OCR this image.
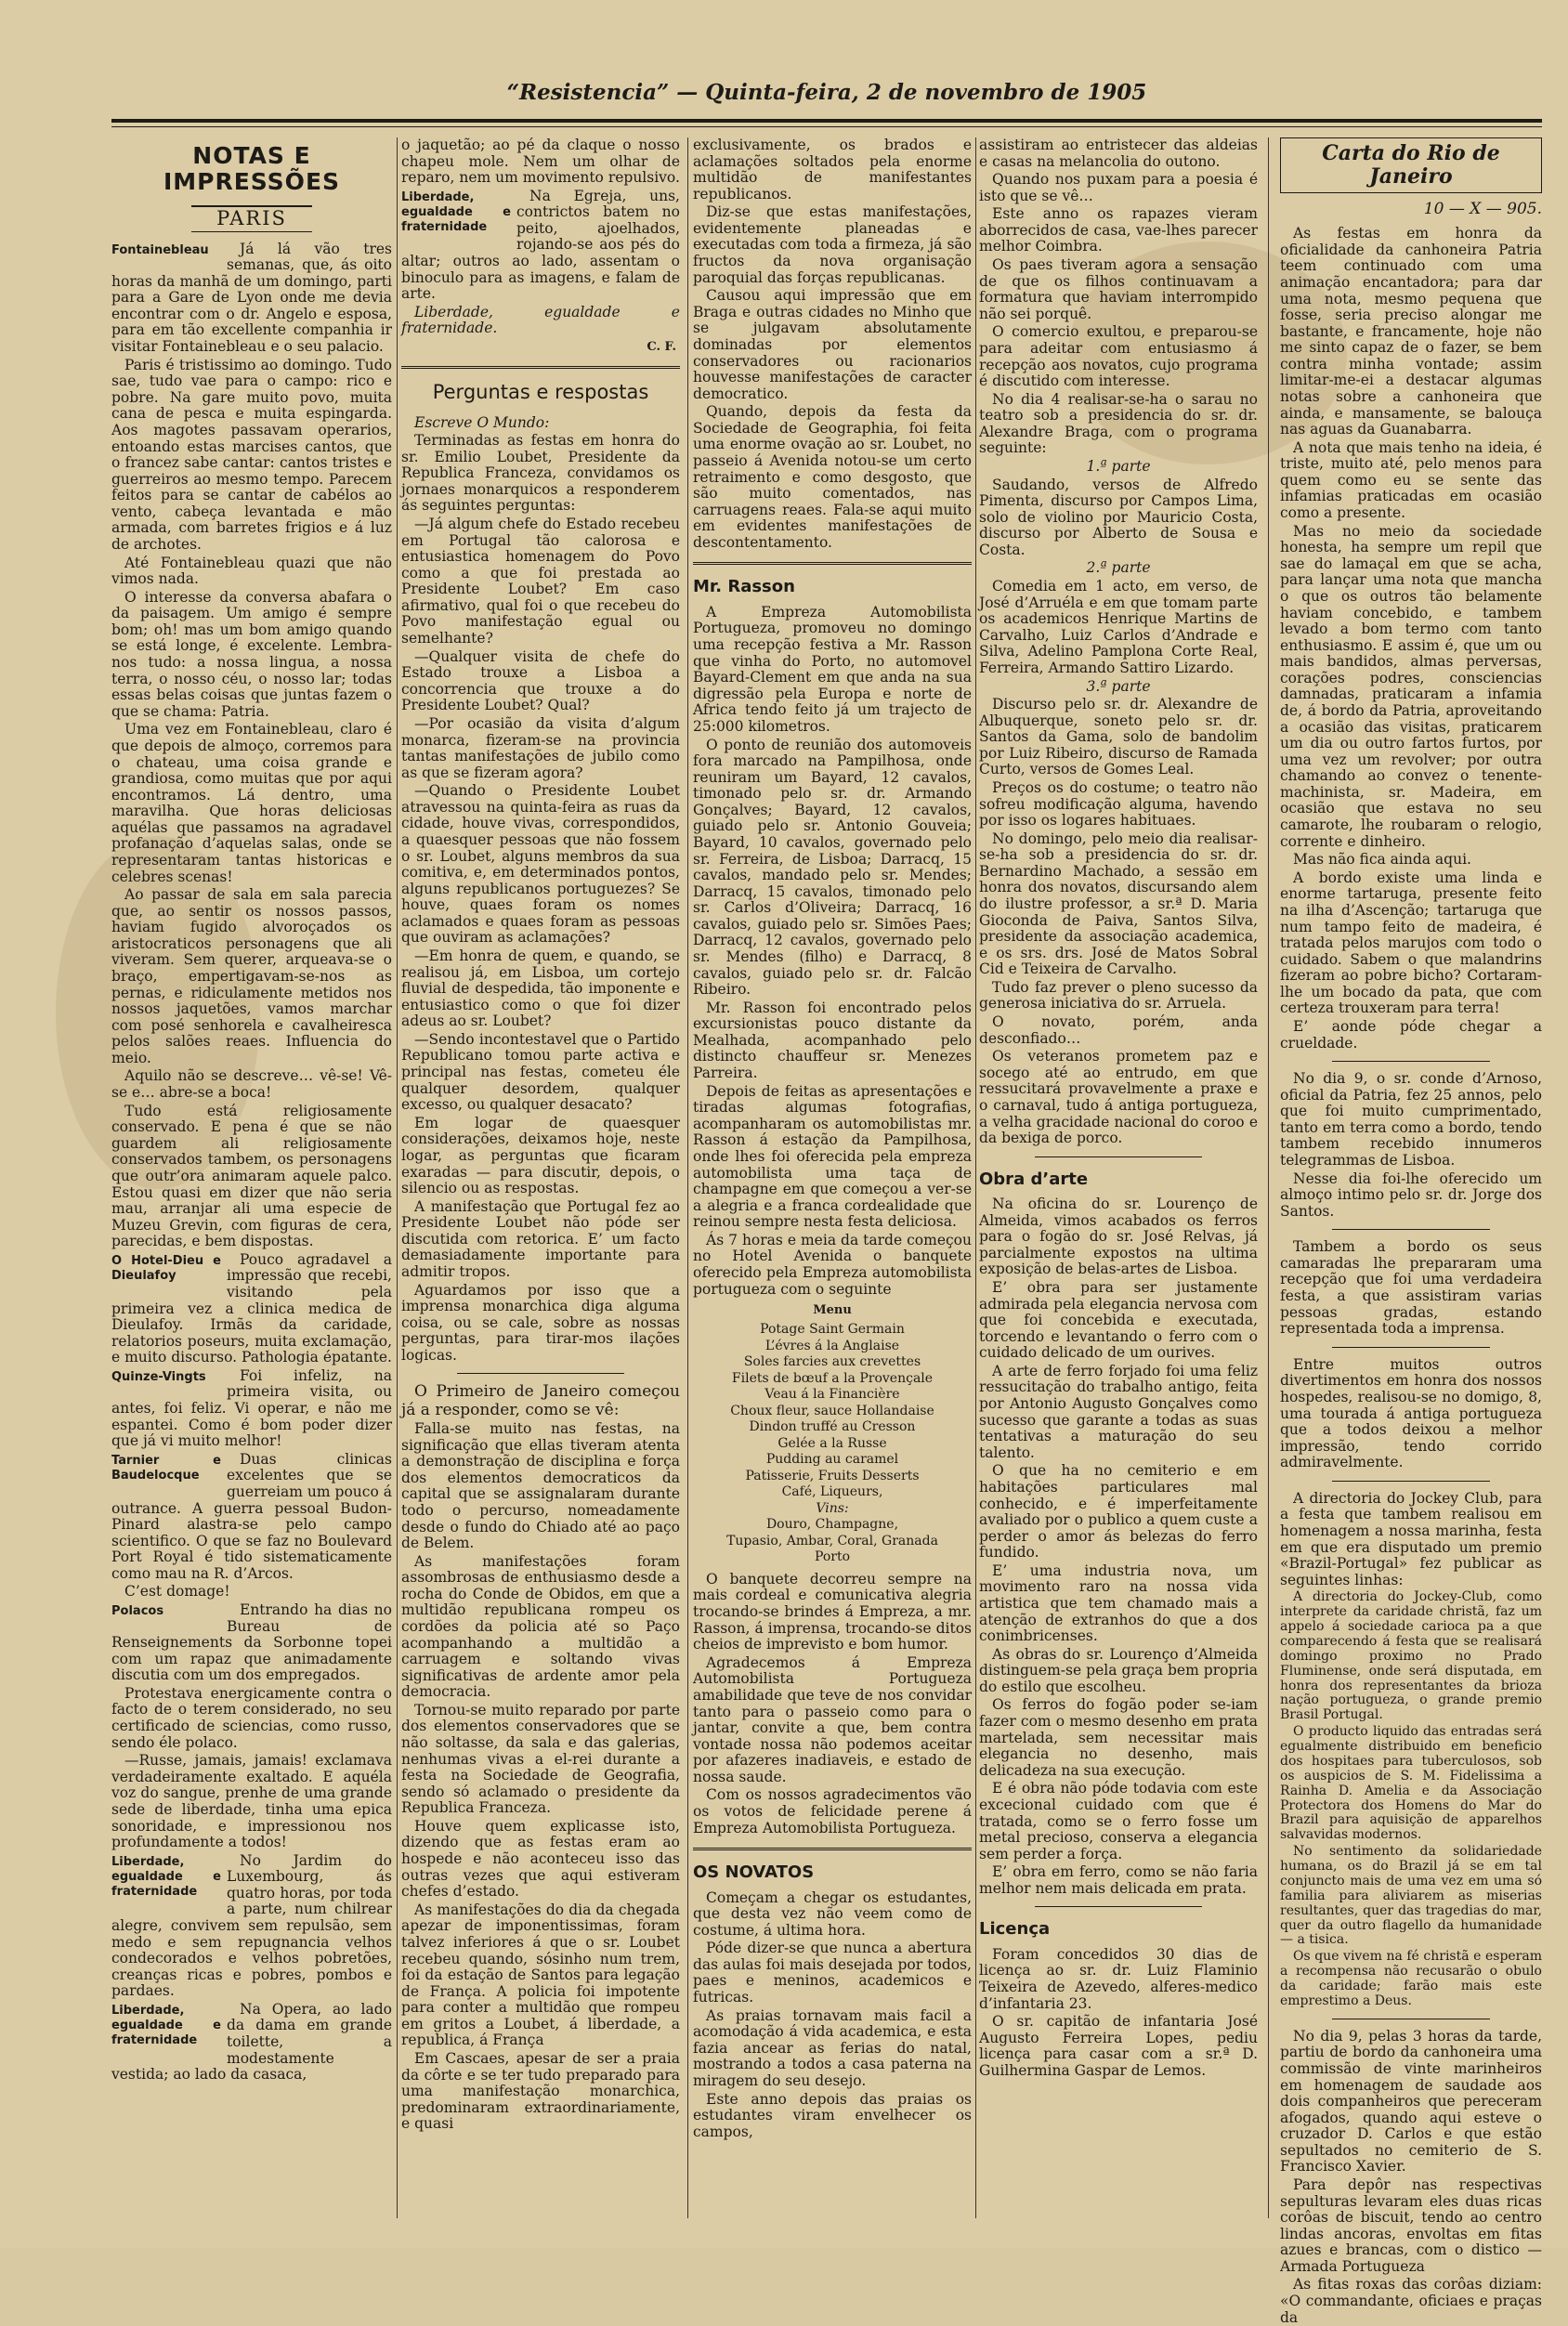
“Resistencia” — Quinta-feira, 2 de novembro de 1905
NOTAS E IMPRESSÕES
PARIS
Fontainebleau	Já lá vão tres semanas, que, ás oito horas da manhã de um domingo, parti para a Gare de Lyon onde me devia encontrar com o dr. Angelo e esposa, para em tão excellente companhia ir visitar Fontainebleau e o seu palacio.

Paris é tristissimo ao domingo. Tudo sae, tudo vae para o campo: rico e pobre. Na gare muito povo, muita cana de pesca e muita espingarda. Aos magotes passavam operarios, entoando estas marcises cantos, que o francez sabe cantar: cantos tristes e guerreiros ao mesmo tempo. Parecem feitos para se cantar de cabélos ao vento, cabeça levantada e mão armada, com barretes frigios e á luz de archotes.

Até Fontainebleau quazi que não vimos nada.

O interesse da conversa abafara o da paisagem. Um amigo é sempre bom; oh! mas um bom amigo quando se está longe, é excelente. Lembra-nos tudo: a nossa lingua, a nossa terra, o nosso céu, o nosso lar; todas essas belas coisas que juntas fazem o que se chama: Patria.

Uma vez em Fontainebleau, claro é que depois de almoço, corremos para o chateau, uma coisa grande e grandiosa, como muitas que por aqui encontramos. Lá dentro, uma maravilha. Que horas deliciosas aquélas que passamos na agradavel profanação d’aquelas salas, onde se representaram tantas historicas e celebres scenas!

Ao passar de sala em sala parecia que, ao sentir os nossos passos, haviam fugido alvoroçados os aristocraticos personagens que ali viveram. Sem querer, arqueava-se o braço, empertigavam-se-nos as pernas, e ridiculamente metidos nos nossos jaquetões, vamos marchar com posé senhorela e cavalheiresca pelos salões reaes. Influencia do meio.

Aquilo não se descreve… vê-se! Vê-se e… abre-se a boca!

Tudo está religiosamente conservado. E pena é que se não guardem ali religiosamente conservados tambem, os personagens que outr’ora animaram aquele palco. Estou quasi em dizer que não seria mau, arranjar ali uma especie de Muzeu Grevin, com figuras de cera, parecidas, e bem dispostas.

O Hotel-Dieu e Dieulafoy

Pouco agradavel a impressão que recebi, visitando pela primeira vez a clinica medica de Dieulafoy. Irmãs da caridade, relatorios poseurs, muita exclamação, e muito discurso. Pathologia épatante.

Quinze-Vingts	Foi infeliz, na primeira visita, ou antes, foi feliz. Vi operar, e não me espantei. Como é bom poder dizer que já vi muito melhor!

Tarnier e Baudelocque

Duas clinicas excelentes que se guerreiam um pouco á outrance. A guerra pessoal Budon-Pinard alastra-se pelo campo scientifico. O que se faz no Boulevard Port Royal é tido sistematicamente como mau na R. d’Arcos.

C’est domage!

Polacos	Entrando ha dias no Bureau de Renseignements da Sorbonne topei com um rapaz que animadamente discutia com um dos empregados.

Protestava energicamente contra o facto de o terem considerado, no seu certificado de sciencias, como russo, sendo éle polaco.

—Russe, jamais, jamais! exclamava verdadeiramente exaltado. E aquéla voz do sangue, prenhe de uma grande sede de liberdade, tinha uma epica sonoridade, e impressionou nos profundamente a todos!

Liberdade, egualdade e fraternidade

No Jardim do Luxembourg, ás quatro horas, por toda a parte, num chilrear alegre, convivem sem repulsão, sem medo e sem repugnancia velhos condecorados e velhos pobretões, creanças ricas e pobres, pombos e pardaes.

Liberdade, egualdade e fraternidade

Na Opera, ao lado da dama em grande toilette, a modestamente vestida; ao lado da casaca,

o jaquetão; ao pé da claque o nosso chapeu mole. Nem um olhar de reparo, nem um movimento repulsivo.

Liberdade, egualdade e fraternidade

Na Egreja, uns, contrictos batem no peito, ajoelhados, rojando-se aos pés do altar; outros ao lado, assentam o binoculo para as imagens, e falam de arte.

Liberdade, egualdade e fraternidade.

C. F.
Perguntas e respostas

Escreve O Mundo:

Terminadas as festas em honra do sr. Emilio Loubet, Presidente da Republica Franceza, convidamos os jornaes monarquicos a responderem ás seguintes perguntas:

—Já algum chefe do Estado recebeu em Portugal tão calorosa e entusiastica homenagem do Povo como a que foi prestada ao Presidente Loubet? Em caso afirmativo, qual foi o que recebeu do Povo manifestação egual ou semelhante?

—Qualquer visita de chefe do Estado trouxe a Lisboa a concorrencia que trouxe a do Presidente Loubet? Qual?

—Por ocasião da visita d’algum monarca, fizeram-se na provincia tantas manifestações de jubilo como as que se fizeram agora?

—Quando o Presidente Loubet atravessou na quinta-feira as ruas da cidade, houve vivas, correspondidos, a quaesquer pessoas que não fossem o sr. Loubet, alguns membros da sua comitiva, e, em determinados pontos, alguns republicanos portuguezes? Se houve, quaes foram os nomes aclamados e quaes foram as pessoas que ouviram as aclamações?

—Em honra de quem, e quando, se realisou já, em Lisboa, um cortejo fluvial de despedida, tão imponente e entusiastico como o que foi dizer adeus ao sr. Loubet?

—Sendo incontestavel que o Partido Republicano tomou parte activa e principal nas festas, cometeu éle qualquer desordem, qualquer excesso, ou qualquer desacato?

Em logar de quaesquer considerações, deixamos hoje, neste logar, as perguntas que ficaram exaradas — para discutir, depois, o silencio ou as respostas.

A manifestação que Portugal fez ao Presidente Loubet não póde ser discutida com retorica. E’ um facto demasiadamente importante para admitir tropos.

Aguardamos por isso que a imprensa monarchica diga alguma coisa, ou se cale, sobre as nossas perguntas, para tirar‑mos ilações logicas.

O Primeiro de Janeiro começou já a responder, como se vê:

Falla-se muito nas festas, na significação que ellas tiveram atenta a demonstração de disciplina e força dos elementos democraticos da capital que se assignalaram durante todo o percurso, nomeadamente desde o fundo do Chiado até ao paço de Belem.

As manifestações foram assombrosas de enthusiasmo desde a rocha do Conde de Obidos, em que a multidão republicana rompeu os cordões da policia até so Paço acompanhando a multidão a carruagem e soltando vivas significativas de ardente amor pela democracia.

Tornou-se muito reparado por parte dos elementos conservadores que se não soltasse, da sala e das galerias, nenhumas vivas a el-rei durante a festa na Sociedade de Geografia, sendo só aclamado o presidente da Republica Franceza.

Houve quem explicasse isto, dizendo que as festas eram ao hospede e não aconteceu isso das outras vezes que aqui estiveram chefes d’estado.

As manifestações do dia da chegada apezar de imponentissimas, foram talvez inferiores á que o sr. Loubet recebeu quando, sósinho num trem, foi da estação de Santos para legação de França. A policia foi impotente para conter a multidão que rompeu em gritos a Loubet, á liberdade, a republica, á França

Em Cascaes, apesar de ser a praia da côrte e se ter tudo preparado para uma manifestação monarchica, predominaram extraordinariamente, e quasi

exclusivamente, os brados e aclamações soltados pela enorme multidão de manifestantes republicanos.

Diz-se que estas manifestações, evidentemente planeadas e executadas com toda a firmeza, já são fructos da nova organisação paroquial das forças republicanas.

Causou aqui impressão que em Braga e outras cidades no Minho que se julgavam absolutamente dominadas por elementos conservadores ou racionarios houvesse manifestações de caracter democratico.

Quando, depois da festa da Sociedade de Geographia, foi feita uma enorme ovação ao sr. Loubet, no passeio á Avenida notou-se um certo retraimento e como desgosto, que são muito comentados, nas carruagens reaes. Fala-se aqui muito em evidentes manifestações de descontentamento.

Mr. Rasson

A Empreza Automobilista Portugueza, promoveu no domingo uma recepção festiva a Mr. Rasson que vinha do Porto, no automovel Bayard-Clement em que anda na sua digressão pela Europa e norte de Africa tendo feito já um trajecto de 25:000 kilometros.

O ponto de reunião dos automoveis fora marcado na Pampilhosa, onde reuniram um Bayard, 12 cavalos, timonado pelo sr. dr. Armando Gonçalves; Bayard, 12 cavalos, guiado pelo sr. Antonio Gouveia; Bayard, 10 cavalos, governado pelo sr. Ferreira, de Lisboa; Darracq, 15 cavalos, mandado pelo sr. Mendes; Darracq, 15 cavalos, timonado pelo sr. Carlos d’Oliveira; Darracq, 16 cavalos, guiado pelo sr. Simões Paes; Darracq, 12 cavalos, governado pelo sr. Mendes (filho) e Darracq, 8 cavalos, guiado pelo sr. dr. Falcão Ribeiro.

Mr. Rasson foi encontrado pelos excursionistas pouco distante da Mealhada, acompanhado pelo distincto chauffeur sr. Menezes Parreira.

Depois de feitas as apresentações e tiradas algumas fotografias, acompanharam os automobilistas mr. Rasson á estação da Pampilhosa, onde lhes foi oferecida pela empreza automobilista uma taça de champagne em que começou a ver-se a alegria e a franca cordealidade que reinou sempre nesta festa deliciosa.

Ás 7 horas e meia da tarde começou no Hotel Avenida o banquete oferecido pela Empreza automobilista portugueza com o seguinte

Menu
Potage Saint Germain
L’évres á la Anglaise
Soles farcies aux crevettes
Filets de bœuf a la Provençale
Veau á la Financière
Choux fleur, sauce Hollandaise
Dindon truffé au Cresson
Gelée a la Russe
Pudding au caramel
Patisserie, Fruits Desserts
Café, Liqueurs,
Vins:
Douro, Champagne,
Tupasio, Ambar, Coral, Granada
Porto

O banquete decorreu sempre na mais cordeal e comunicativa alegria trocando-se brindes á Empreza, a mr. Rasson, á imprensa, trocando-se ditos cheios de imprevisto e bom humor.

Agradecemos á Empreza Automobilista Portugueza amabilidade que teve de nos convidar tanto para o passeio como para o jantar, convite a que, bem contra vontade nossa não podemos aceitar por afazeres inadiaveis, e estado de nossa saude.

Com os nossos agradecimentos vão os votos de felicidade perene á Empreza Automobilista Portugueza.

OS NOVATOS

Começam a chegar os estudantes, que desta vez não veem como de costume, á ultima hora.

Póde dizer-se que nunca a abertura das aulas foi mais desejada por todos, paes e meninos, academicos e futricas.

As praias tornavam mais facil a acomodação á vida academica, e esta fazia ancear as ferias do natal, mostrando a todos a casa paterna na miragem do seu desejo.

Este anno depois das praias os estudantes viram envelhecer os campos,

assistiram ao entristecer das aldeias e casas na melancolia do outono.

Quando nos puxam para a poesia é isto que se vê…

Este anno os rapazes vieram aborrecidos de casa, vae-lhes parecer melhor Coimbra.

Os paes tiveram agora a sensação de que os filhos continuavam a formatura que haviam interrompido não sei porquê.

O comercio exultou, e preparou-se para adeitar com entusiasmo á recepção aos novatos, cujo programa é discutido com interesse.

No dia 4 realisar-se-ha o sarau no teatro sob a presidencia do sr. dr. Alexandre Braga, com o programa seguinte:

1.ª parte

Saudando, versos de Alfredo Pimenta, discurso por Campos Lima, solo de violino por Mauricio Costa, discurso por Alberto de Sousa e Costa.

2.ª parte

Comedia em 1 acto, em verso, de José d’Arruéla e em que tomam parte os academicos Henrique Martins de Carvalho, Luiz Carlos d’Andrade e Silva, Adelino Pamplona Corte Real, Ferreira, Armando Sattiro Lizardo.

3.ª parte

Discurso pelo sr. dr. Alexandre de Albuquerque, soneto pelo sr. dr. Santos da Gama, solo de bandolim por Luiz Ribeiro, discurso de Ramada Curto, versos de Gomes Leal.

Preços os do costume; o teatro não sofreu modificação alguma, havendo por isso os logares habituaes.

No domingo, pelo meio dia realisar-se-ha sob a presidencia do sr. dr. Bernardino Machado, a sessão em honra dos novatos, discursando alem do ilustre professor, a sr.ª D. Maria Gioconda de Paiva, Santos Silva, presidente da associação academica, e os srs. drs. José de Matos Sobral Cid e Teixeira de Carvalho.

Tudo faz prever o pleno sucesso da generosa iniciativa do sr. Arruela.

O novato, porém, anda desconfiado…

Os veteranos prometem paz e socego até ao entrudo, em que ressucitará provavelmente a praxe e o carnaval, tudo á antiga portugueza, a velha gracidade nacional do coroo e da bexiga de porco.

Obra d’arte

Na oficina do sr. Lourenço de Almeida, vimos acabados os ferros para o fogão do sr. José Relvas, já parcialmente expostos na ultima exposição de belas-artes de Lisboa.

E’ obra para ser justamente admirada pela elegancia nervosa com que foi concebida e executada, torcendo e levantando o ferro com o cuidado delicado de um ourives.

A arte de ferro forjado foi uma feliz ressucitação do trabalho antigo, feita por Antonio Augusto Gonçalves como sucesso que garante a todas as suas tentativas a maturação do seu talento.

O que ha no cemiterio e em habitações particulares mal conhecido, e é imperfeitamente avaliado por o publico a quem custe a perder o amor ás belezas do ferro fundido.

E’ uma industria nova, um movimento raro na nossa vida artistica que tem chamado mais a atenção de extranhos do que a dos conimbricenses.

As obras do sr. Lourenço d’Almeida distinguem-se pela graça bem propria do estilo que escolheu.

Os ferros do fogão poder se-iam fazer com o mesmo desenho em prata martelada, sem necessitar mais elegancia no desenho, mais delicadeza na sua execução.

E é obra não póde todavia com este excecional cuidado com que é tratada, como se o ferro fosse um metal precioso, conserva a elegancia sem perder a força.

E’ obra em ferro, como se não faria melhor nem mais delicada em prata.

Licença

Foram concedidos 30 dias de licença ao sr. dr. Luiz Flaminio Teixeira de Azevedo, alferes-medico d’infantaria 23.

O sr. capitão de infantaria José Augusto Ferreira Lopes, pediu licença para casar com a sr.ª D. Guilhermina Gaspar de Lemos.

Carta do Rio de Janeiro
10 — X — 905.

As festas em honra da oficialidade da canhoneira Patria teem continuado com uma animação encantadora; para dar uma nota, mesmo pequena que fosse, seria preciso alongar me bastante, e francamente, hoje não me sinto capaz de o fazer, se bem contra minha vontade; assim limitar-me-ei a destacar algumas notas sobre a canhoneira que ainda, e mansamente, se balouça nas aguas da Guanabarra.

A nota que mais tenho na ideia, é triste, muito até, pelo menos para quem como eu se sente das infamias praticadas em ocasião como a presente.

Mas no meio da sociedade honesta, ha sempre um repil que sae do lamaçal em que se acha, para lançar uma nota que mancha o que os outros tão belamente haviam concebido, e tambem levado a bom termo com tanto enthusiasmo. E assim é, que um ou mais bandidos, almas perversas, corações podres, consciencias damnadas, praticaram a infamia de, á bordo da Patria, aproveitando a ocasião das visitas, praticarem um dia ou outro fartos furtos, por uma vez um revolver; por outra chamando ao convez o tenente-machinista, sr. Madeira, em ocasião que estava no seu camarote, lhe roubaram o relogio, corrente e dinheiro.

Mas não fica ainda aqui.

A bordo existe uma linda e enorme tartaruga, presente feito na ilha d’Ascenção; tartaruga que num tampo feito de madeira, é tratada pelos marujos com todo o cuidado. Sabem o que malandrins fizeram ao pobre bicho? Cortaram-lhe um bocado da pata, que com certeza trouxeram para terra!

E’ aonde póde chegar a crueldade.

No dia 9, o sr. conde d’Arnoso, oficial da Patria, fez 25 annos, pelo que foi muito cumprimentado, tanto em terra como a bordo, tendo tambem recebido innumeros telegrammas de Lisboa.

Nesse dia foi-lhe oferecido um almoço intimo pelo sr. dr. Jorge dos Santos.

Tambem a bordo os seus camaradas lhe prepararam uma recepção que foi uma verdadeira festa, a que assistiram varias pessoas gradas, estando representada toda a imprensa.

Entre muitos outros divertimentos em honra dos nossos hospedes, realisou-se no domigo, 8, uma tourada á antiga portugueza que a todos deixou a melhor impressão, tendo corrido admiravelmente.

A directoria do Jockey Club, para a festa que tambem realisou em homenagem a nossa marinha, festa em que era disputado um premio «Brazil-Portugal» fez publicar as seguintes linhas:

A directoria do Jockey-Club, como interprete da caridade christã, faz um appelo á sociedade carioca pa a que comparecendo á festa que se realisará domingo proximo no Prado Fluminense, onde será disputada, em honra dos representantes da brioza nação portugueza, o grande premio Brasil Portugal.

O producto liquido das entradas será egualmente distribuido em beneficio dos hospitaes para tuberculosos, sob os auspicios de S. M. Fidelissima a Rainha D. Amelia e da Associação Protectora dos Homens do Mar do Brazil para aquisição de apparelhos salvavidas modernos.

No sentimento da solidariedade humana, os do Brazil já se em tal conjuncto mais de uma vez em uma só familia para aliviarem as miserias resultantes, quer das tragedias do mar, quer da outro flagello da humanidade — a tisica.

Os que vivem na fé christã e esperam a recompensa não recusarão o obulo da caridade; farão mais este emprestimo a Deus.

No dia 9, pelas 3 horas da tarde, partiu de bordo da canhoneira uma commissão de vinte marinheiros em homenagem de saudade aos dois companheiros que pereceram afogados, quando aqui esteve o cruzador D. Carlos e que estão sepultados no cemiterio de S. Francisco Xavier.

Para depôr nas respectivas sepulturas levaram eles duas ricas corôas de biscuit, tendo ao centro lindas ancoras, envoltas em fitas azues e brancas, com o distico — Armada Portugueza

As fitas roxas das corôas diziam: «O commandante, oficiaes e praças da
